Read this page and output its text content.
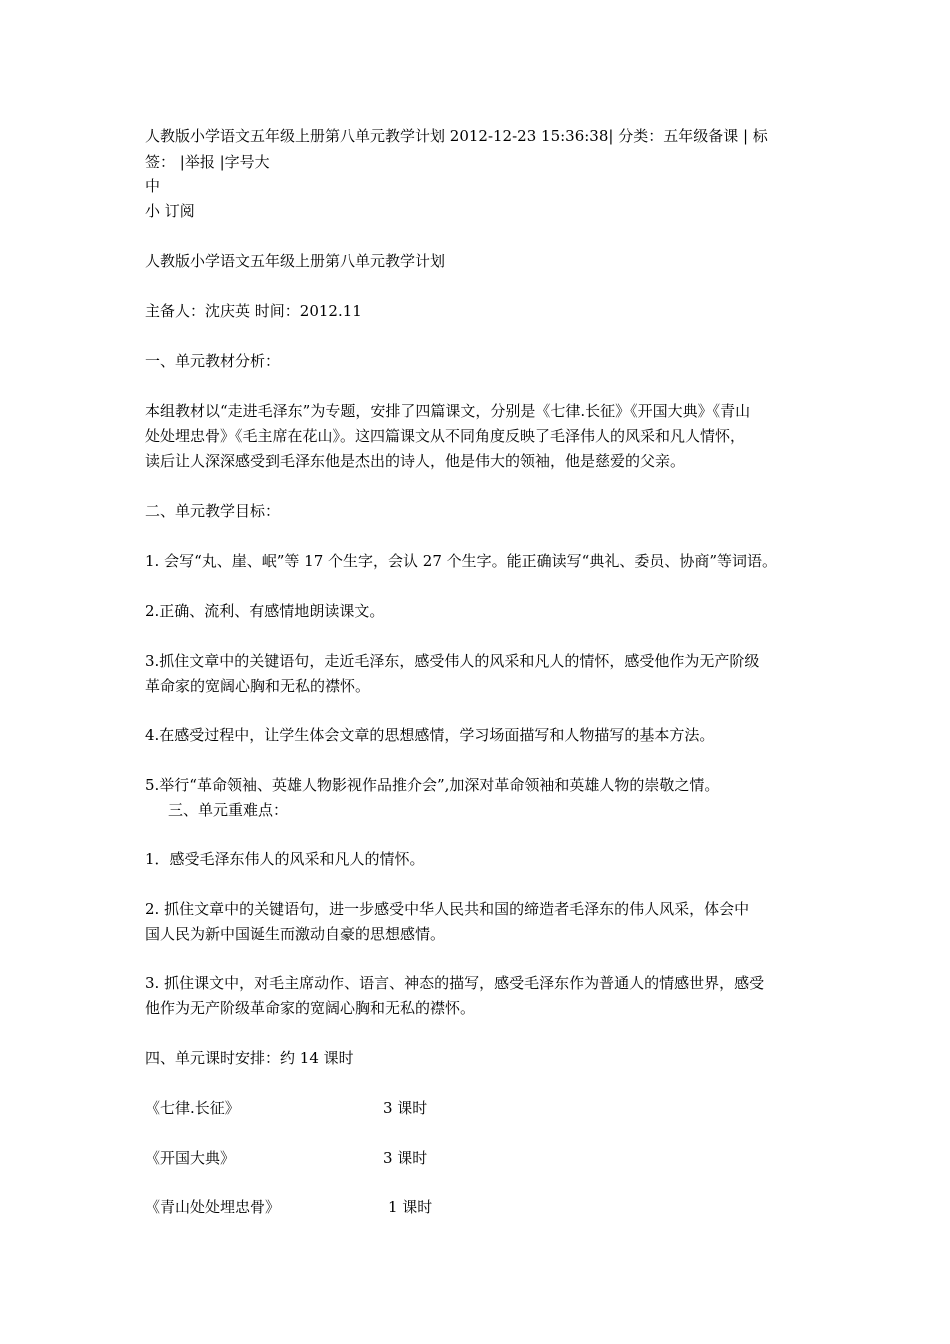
人教版小学语文五年级上册第八单元教学计划 2012-12-23 15:36:38| 分类：五年级备课 | 标
签： |举报 |字号大
中
小 订阅
人教版小学语文五年级上册第八单元教学计划
主备人：沈庆英 时间：2012.11
一、单元教材分析：
本组教材以“走进毛泽东”为专题，安排了四篇课文，分别是《七律.长征》《开国大典》《青山
处处埋忠骨》《毛主席在花山》。这四篇课文从不同角度反映了毛泽伟人的风采和凡人情怀，
读后让人深深感受到毛泽东他是杰出的诗人，他是伟大的领袖，他是慈爱的父亲。
二、单元教学目标：
1. 会写“丸、崖、岷”等 17 个生字，会认 27 个生字。能正确读写“典礼、委员、协商”等词语。
2.正确、流利、有感情地朗读课文。
3.抓住文章中的关键语句，走近毛泽东，感受伟人的风采和凡人的情怀，感受他作为无产阶级
革命家的宽阔心胸和无私的襟怀。
4.在感受过程中，让学生体会文章的思想感情，学习场面描写和人物描写的基本方法。
5.举行“革命领袖、英雄人物影视作品推介会”,加深对革命领袖和英雄人物的崇敬之情。
三、单元重难点：
1．感受毛泽东伟人的风采和凡人的情怀。
2. 抓住文章中的关键语句，进一步感受中华人民共和国的缔造者毛泽东的伟人风采，体会中
国人民为新中国诞生而激动自豪的思想感情。
3. 抓住课文中，对毛主席动作、语言、神态的描写，感受毛泽东作为普通人的情感世界，感受
他作为无产阶级革命家的宽阔心胸和无私的襟怀。
四、单元课时安排：约 14 课时
《七律.长征》	3 课时
《开国大典》	3 课时
《青山处处埋忠骨》	1 课时
